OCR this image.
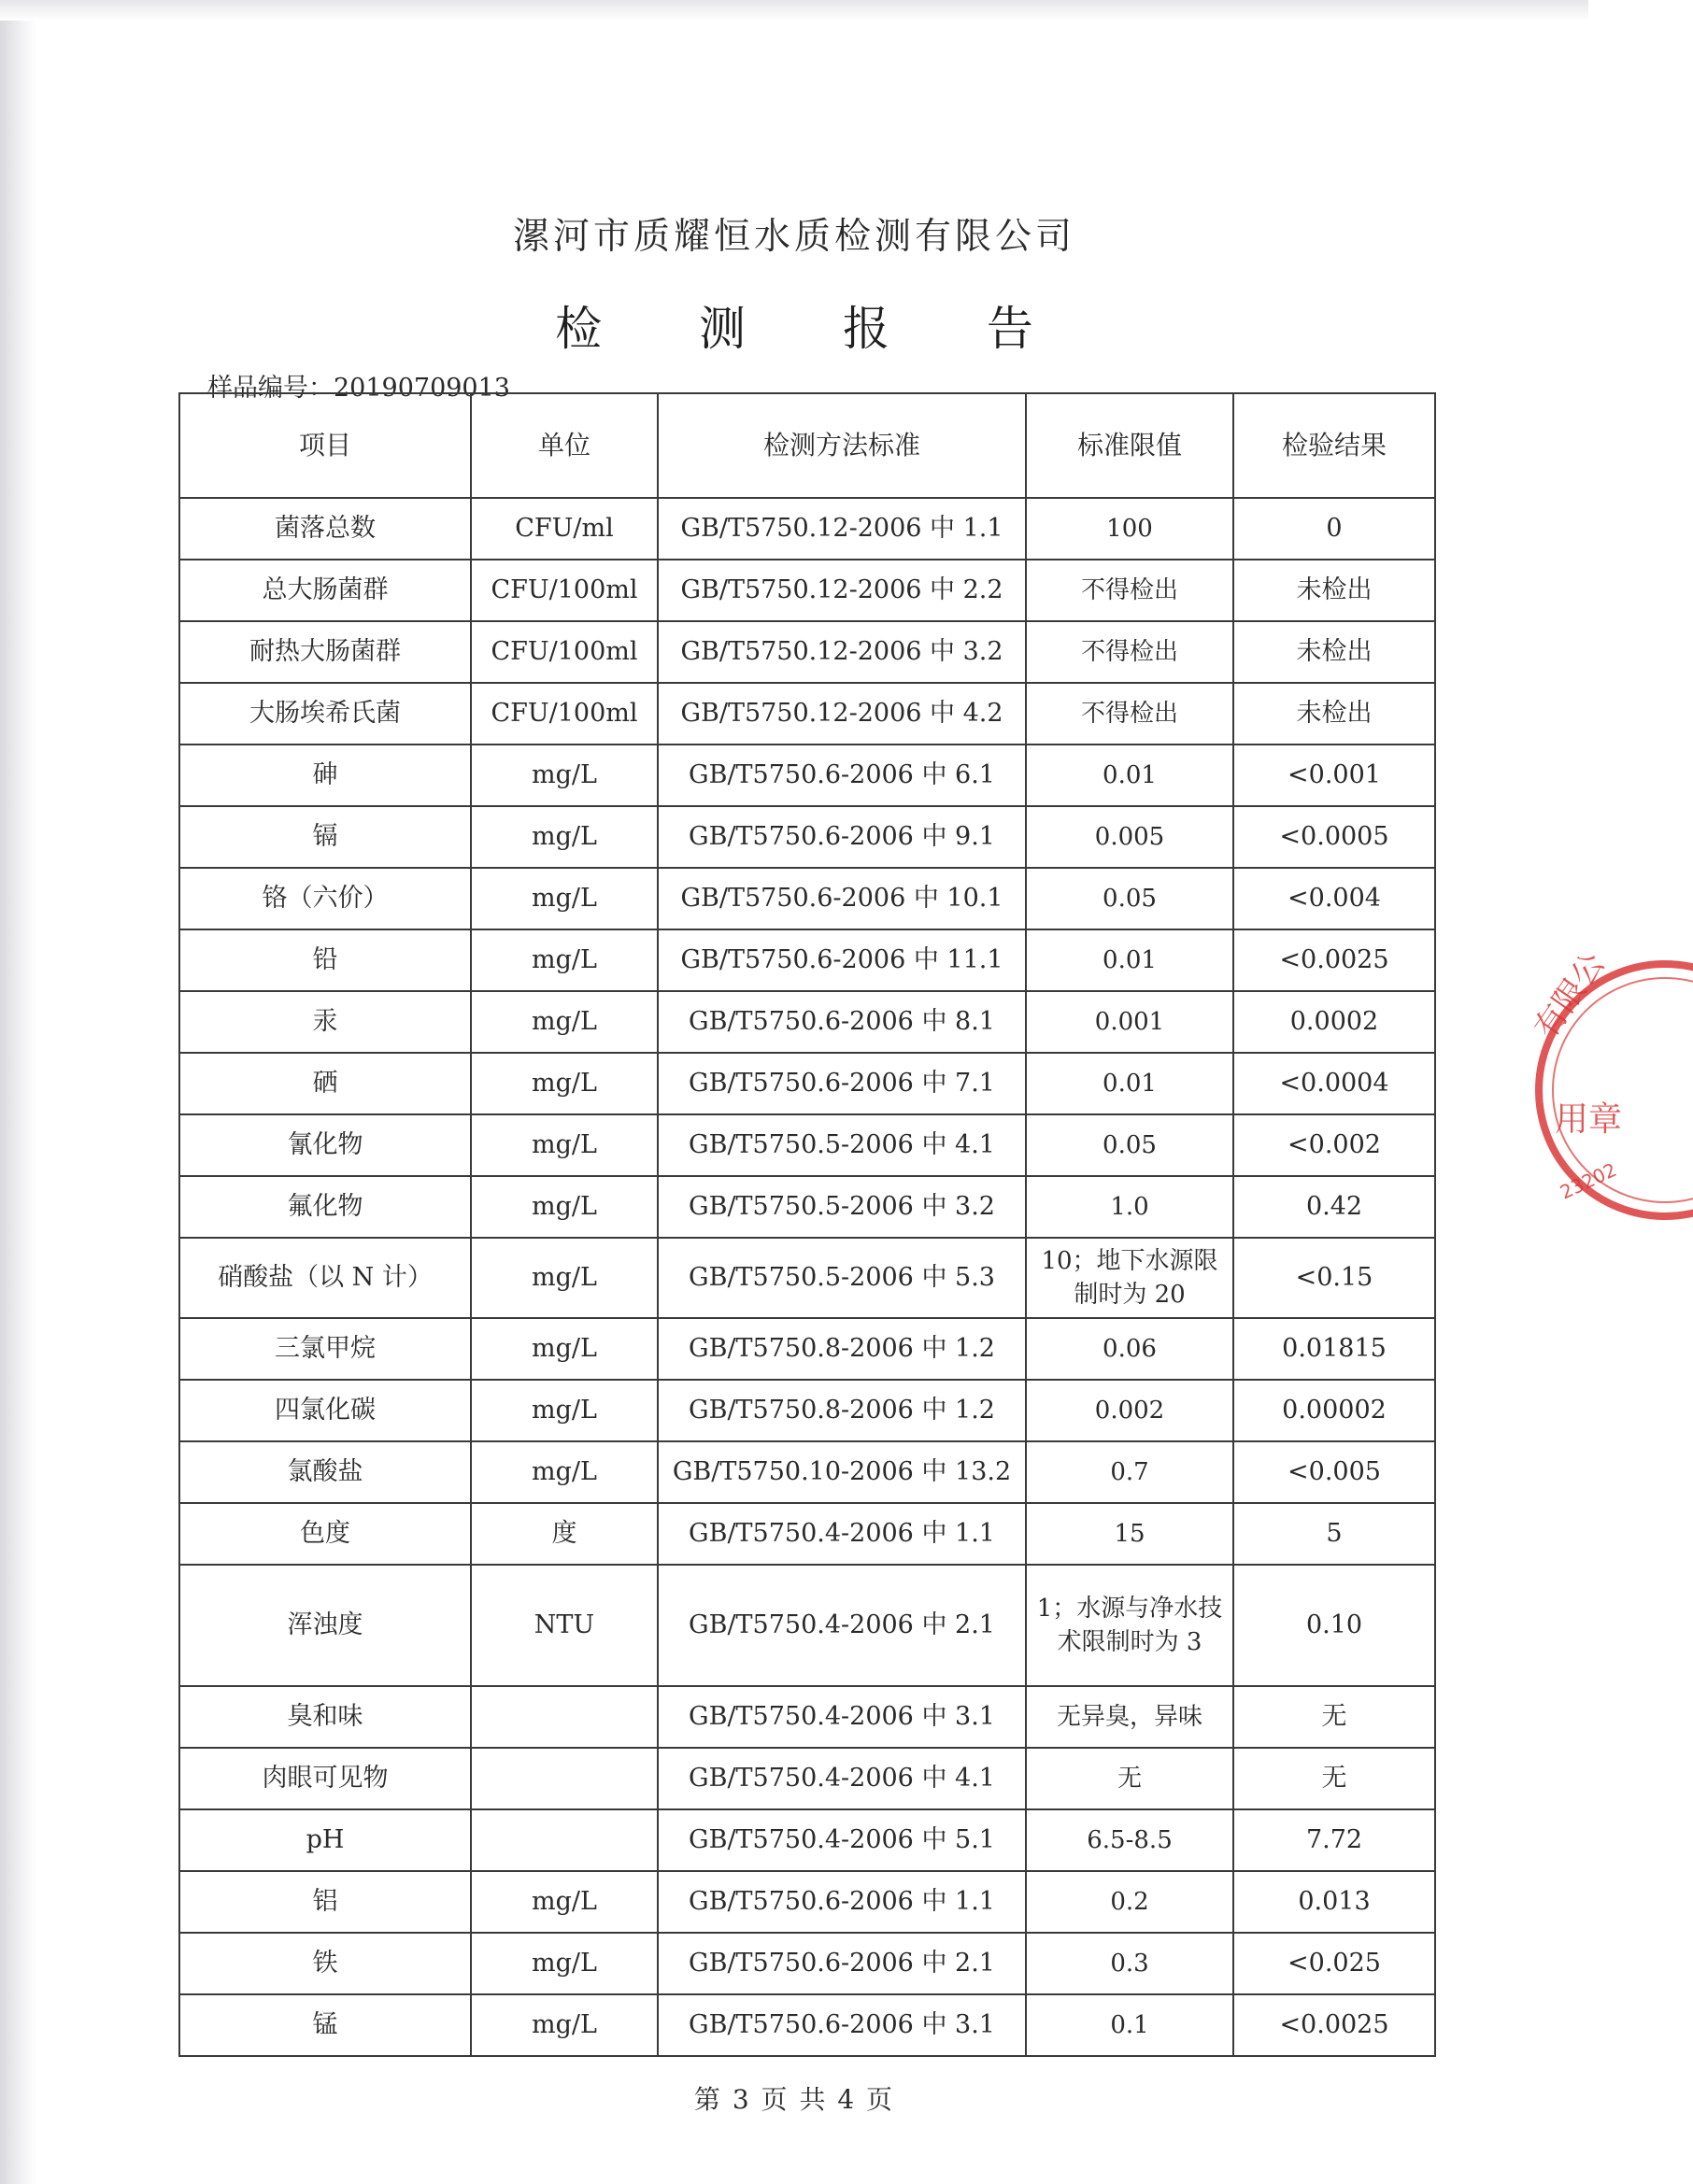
漯河市质耀恒水质检测有限公司
检 测 报 告
样品编号：20190709013
项目	单位	检测方法标准	标准限值	检验结果
菌落总数	CFU/ml	GB/T5750.12-2006 中 1.1	100	0
总大肠菌群	CFU/100ml	GB/T5750.12-2006 中 2.2	不得检出	未检出
耐热大肠菌群	CFU/100ml	GB/T5750.12-2006 中 3.2	不得检出	未检出
大肠埃希氏菌	CFU/100ml	GB/T5750.12-2006 中 4.2	不得检出	未检出
砷	mg/L	GB/T5750.6-2006 中 6.1	0.01	<0.001
镉	mg/L	GB/T5750.6-2006 中 9.1	0.005	<0.0005
铬（六价）	mg/L	GB/T5750.6-2006 中 10.1	0.05	<0.004
铅	mg/L	GB/T5750.6-2006 中 11.1	0.01	<0.0025
汞	mg/L	GB/T5750.6-2006 中 8.1	0.001	0.0002
硒	mg/L	GB/T5750.6-2006 中 7.1	0.01	<0.0004
氰化物	mg/L	GB/T5750.5-2006 中 4.1	0.05	<0.002
氟化物	mg/L	GB/T5750.5-2006 中 3.2	1.0	0.42
硝酸盐（以 N 计）	mg/L	GB/T5750.5-2006 中 5.3	10；地下水源限制时为 20	<0.15
三氯甲烷	mg/L	GB/T5750.8-2006 中 1.2	0.06	0.01815
四氯化碳	mg/L	GB/T5750.8-2006 中 1.2	0.002	0.00002
氯酸盐	mg/L	GB/T5750.10-2006 中 13.2	0.7	<0.005
色度	度	GB/T5750.4-2006 中 1.1	15	5
浑浊度	NTU	GB/T5750.4-2006 中 2.1	1；水源与净水技术限制时为 3	0.10
臭和味		GB/T5750.4-2006 中 3.1	无异臭，异味	无
肉眼可见物		GB/T5750.4-2006 中 4.1	无	无
pH		GB/T5750.4-2006 中 5.1	6.5-8.5	7.72
铝	mg/L	GB/T5750.6-2006 中 1.1	0.2	0.013
铁	mg/L	GB/T5750.6-2006 中 2.1	0.3	<0.025
锰	mg/L	GB/T5750.6-2006 中 3.1	0.1	<0.0025
第 3 页 共 4 页
有限公
用章
23202
